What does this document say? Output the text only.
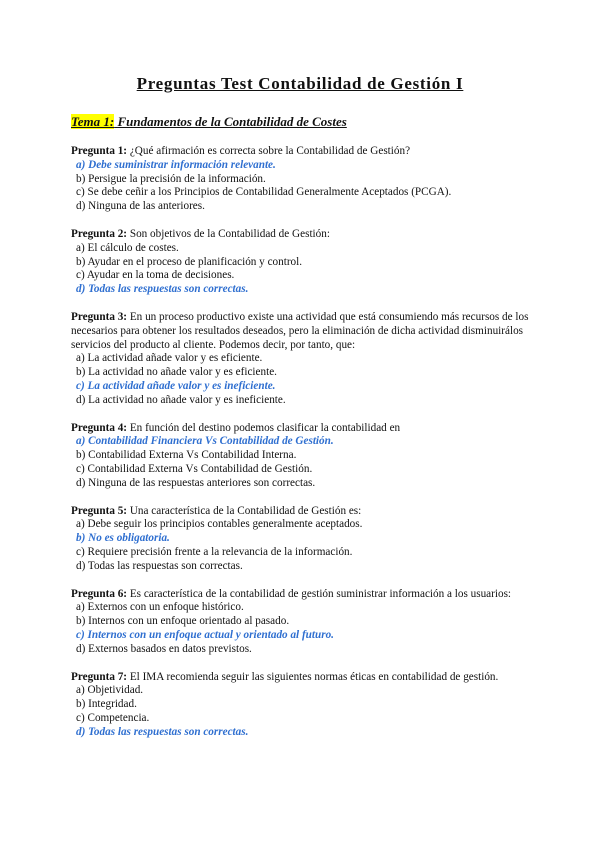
Preguntas Test Contabilidad de Gestión I
Tema 1: Fundamentos de la Contabilidad de Costes
Pregunta 1: ¿Qué afirmación es correcta sobre la Contabilidad de Gestión?
a) Debe suministrar información relevante.
b) Persigue la precisión de la información.
c) Se debe ceñir a los Principios de Contabilidad Generalmente Aceptados (PCGA).
d) Ninguna de las anteriores.
Pregunta 2: Son objetivos de la Contabilidad de Gestión:
a) El cálculo de costes.
b) Ayudar en el proceso de planificación y control.
c) Ayudar en la toma de decisiones.
d) Todas las respuestas son correctas.
Pregunta 3: En un proceso productivo existe una actividad que está consumiendo más recursos de los necesarios para obtener los resultados deseados, pero la eliminación de dicha actividad disminuirálos servicios del producto al cliente. Podemos decir, por tanto, que:
a) La actividad añade valor y es eficiente.
b) La actividad no añade valor y es eficiente.
c) La actividad añade valor y es ineficiente.
d) La actividad no añade valor y es ineficiente.
Pregunta 4: En función del destino podemos clasificar la contabilidad en
a) Contabilidad Financiera Vs Contabilidad de Gestión.
b) Contabilidad Externa Vs Contabilidad Interna.
c) Contabilidad Externa Vs Contabilidad de Gestión.
d) Ninguna de las respuestas anteriores son correctas.
Pregunta 5: Una característica de la Contabilidad de Gestión es:
a) Debe seguir los principios contables generalmente aceptados.
b) No es obligatoria.
c) Requiere precisión frente a la relevancia de la información.
d) Todas las respuestas son correctas.
Pregunta 6: Es característica de la contabilidad de gestión suministrar información a los usuarios:
a) Externos con un enfoque histórico.
b) Internos con un enfoque orientado al pasado.
c) Internos con un enfoque actual y orientado al futuro.
d) Externos basados en datos previstos.
Pregunta 7: El IMA recomienda seguir las siguientes normas éticas en contabilidad de gestión.
a) Objetividad.
b) Integridad.
c) Competencia.
d) Todas las respuestas son correctas.
